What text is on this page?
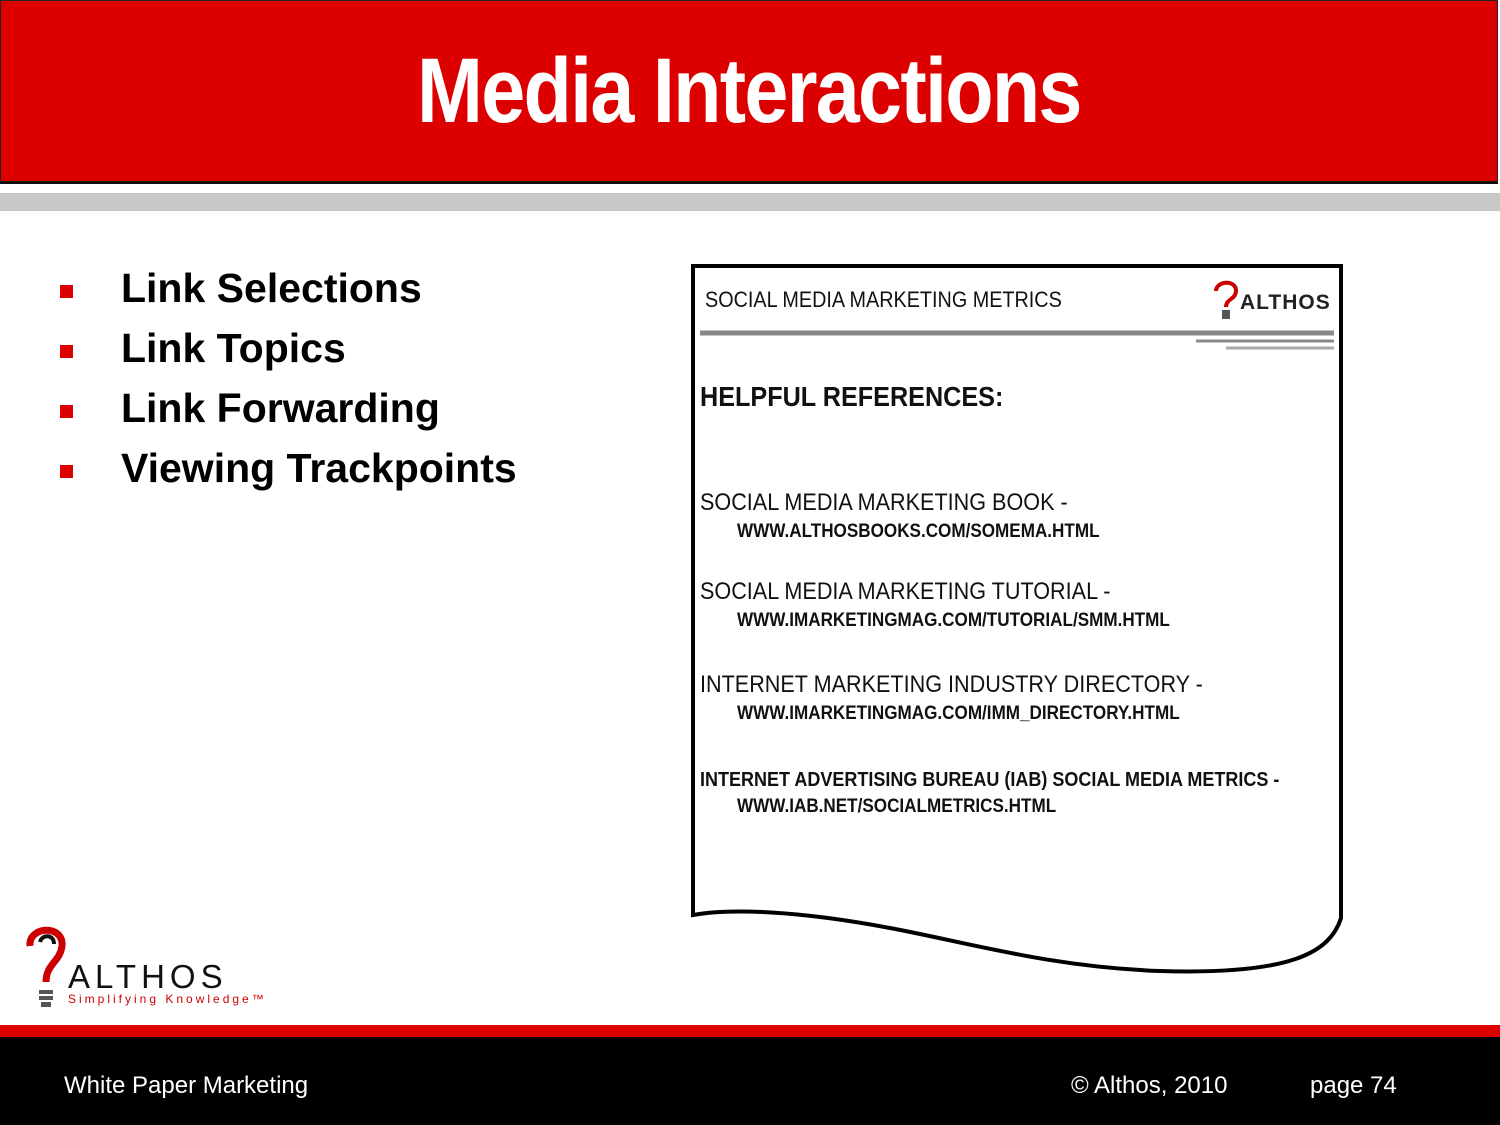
Media Interactions
Link Selections
Link Topics
Link Forwarding
Viewing Trackpoints
SOCIAL MEDIA MARKETING METRICS	ALTHOS
HELPFUL REFERENCES:
SOCIAL MEDIA MARKETING BOOK -
WWW.ALTHOSBOOKS.COM/SOMEMA.HTML
SOCIAL MEDIA MARKETING TUTORIAL -
WWW.IMARKETINGMAG.COM/TUTORIAL/SMM.HTML
INTERNET MARKETING INDUSTRY DIRECTORY -
WWW.IMARKETINGMAG.COM/IMM_DIRECTORY.HTML
INTERNET ADVERTISING BUREAU (IAB) SOCIAL MEDIA METRICS -
WWW.IAB.NET/SOCIALMETRICS.HTML
ALTHOS
Simplifying Knowledge™
White Paper Marketing	© Althos, 2010	page 74
